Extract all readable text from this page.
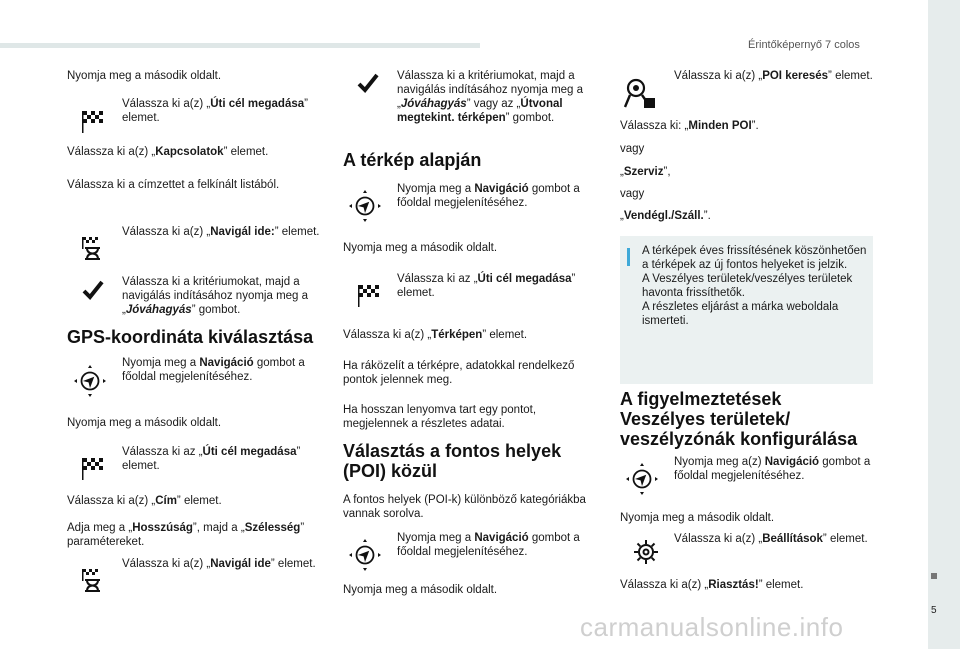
Érintőképernyő 7 colos
5
carmanualsonline.info
Nyomja meg a második oldalt.
Válassza ki a(z) „Úti cél megadása” elemet.
Válassza ki a(z) „Kapcsolatok” elemet.
Válassza ki a címzettet a felkínált listából.
Válassza ki a(z) „Navigál ide:” elemet.
Válassza ki a kritériumokat, majd a navigálás indításához nyomja meg a „Jóváhagyás” gombot.
GPS-koordináta kiválasztása
Nyomja meg a Navigáció gombot a főoldal megjelenítéséhez.
Nyomja meg a második oldalt.
Válassza ki az „Úti cél megadása” elemet.
Válassza ki a(z) „Cím” elemet.
Adja meg a „Hosszúság”, majd a „Szélesség” paramétereket.
Válassza ki a(z) „Navigál ide” elemet.
Válassza ki a kritériumokat, majd a navigálás indításához nyomja meg a „Jóváhagyás” vagy az „Útvonal megtekint. térképen” gombot.
A térkép alapján
Nyomja meg a Navigáció gombot a főoldal megjelenítéséhez.
Nyomja meg a második oldalt.
Válassza ki az „Úti cél megadása” elemet.
Válassza ki a(z) „Térképen” elemet.
Ha ráközelít a térképre, adatokkal rendelkező pontok jelennek meg.
Ha hosszan lenyomva tart egy pontot, megjelennek a részletes adatai.
Választás a fontos helyek
(POI) közül
A fontos helyek (POI-k) különböző kategóriákba vannak sorolva.
Nyomja meg a Navigáció gombot a főoldal megjelenítéséhez.
Nyomja meg a második oldalt.
Válassza ki a(z) „POI keresés” elemet.
Válassza ki: „Minden POI”.
vagy
„Szerviz”,
vagy
„Vendégl./Száll.”.
A térképek éves frissítésének köszönhetően a térképek az új fontos helyeket is jelzik.
A Veszélyes területek/veszélyes területek havonta frissíthetők.
A részletes eljárást a márka weboldala ismerteti.
A figyelmeztetések
Veszélyes területek/
veszélyzónák konfigurálása
Nyomja meg a(z) Navigáció gombot a főoldal megjelenítéséhez.
Nyomja meg a második oldalt.
Válassza ki a(z) „Beállítások” elemet.
Válassza ki a(z) „Riasztás!” elemet.
